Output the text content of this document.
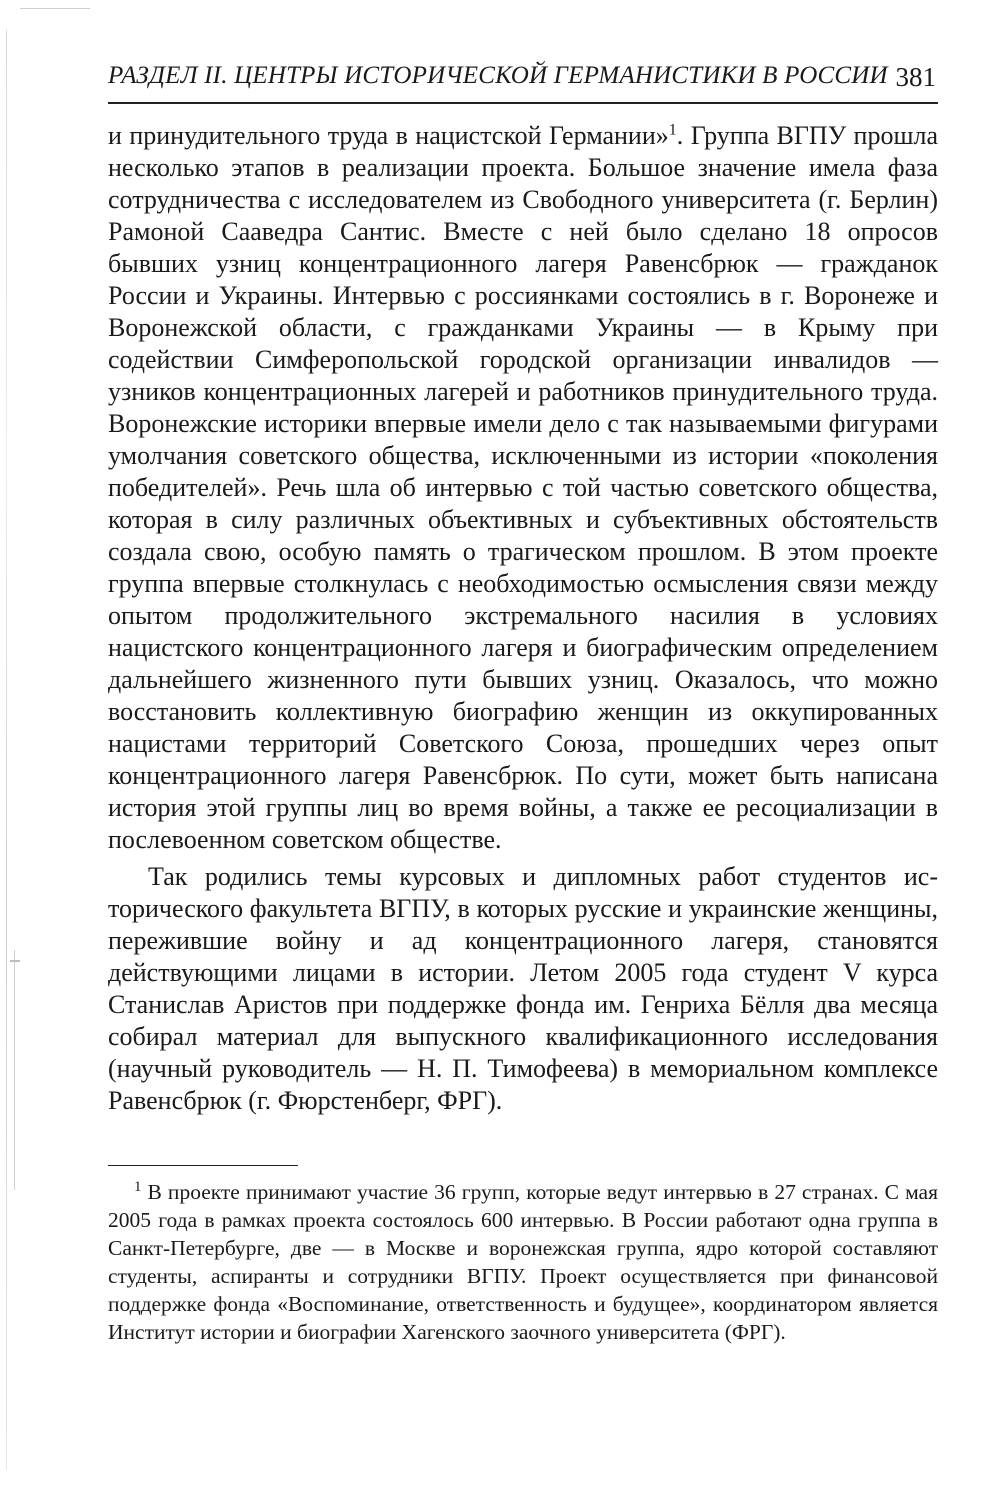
РАЗДЕЛ II. ЦЕНТРЫ ИСТОРИЧЕСКОЙ ГЕРМАНИСТИКИ В РОССИИ 381

и принудительного труда в нацистской Германии»$^1$. Группа ВГПУ прошла несколько этапов в реализации проекта. Большое значение имела фаза сотрудничества с исследователем из Свободного университета (г. Берлин) Рамоной Сааведра Сантис. Вместе с ней было сделано 18 опросов бывших узниц концентрационного лагеря Равенсбрюк — гражданок России и Украины. Интервью с россиянками состоялись в г. Воронеже и Воронежской области, с гражданками Украины — в Крыму при содействии Симферопольской городской организации инвалидов — узников концентрационных лагерей и работников принудительного труда. Воронежские историки впервые имели дело с так называемыми фигурами умолчания советского общества, исключенными из истории «поколения победителей». Речь шла об интервью с той частью советского общества, которая в силу различных объективных и субъективных обстоятельств создала свою, особую память о трагическом прошлом. В этом проекте группа впервые столкнулась с необходимостью осмысления связи между опытом продолжительного экстремального насилия в условиях нацистского концентрационного лагеря и биографическим определением дальнейшего жизненного пути бывших узниц. Оказалось, что можно восстановить коллективную биографию женщин из оккупированных нацистами территорий Советского Союза, прошедших через опыт концентрационного лагеря Равенсбрюк. По сути, может быть написана история этой группы лиц во время войны, а также ее ресоциализации в послевоенном советском обществе.

Так родились темы курсовых и дипломных работ студентов исторического факультета ВГПУ, в которых русские и украинские женщины, пережившие войну и ад концентрационного лагеря, становятся действующими лицами в истории. Летом 2005 года студент V курса Станислав Аристов при поддержке фонда им. Генриха Бёлля два месяца собирал материал для выпускного квалификационного исследования (научный руководитель — Н. П. Тимофеева) в мемориальном комплексе Равенсбрюк (г. Фюрстенберг, ФРГ).

$^1$ В проекте принимают участие 36 групп, которые ведут интервью в 27 странах. С мая 2005 года в рамках проекта состоялось 600 интервью. В России работают одна группа в Санкт-Петербурге, две — в Москве и воронежская группа, ядро которой составляют студенты, аспиранты и сотрудники ВГПУ. Проект осуществляется при финансовой поддержке фонда «Воспоминание, ответственность и будущее», координатором является Институт истории и биографии Хагенского заочного университета (ФРГ).
